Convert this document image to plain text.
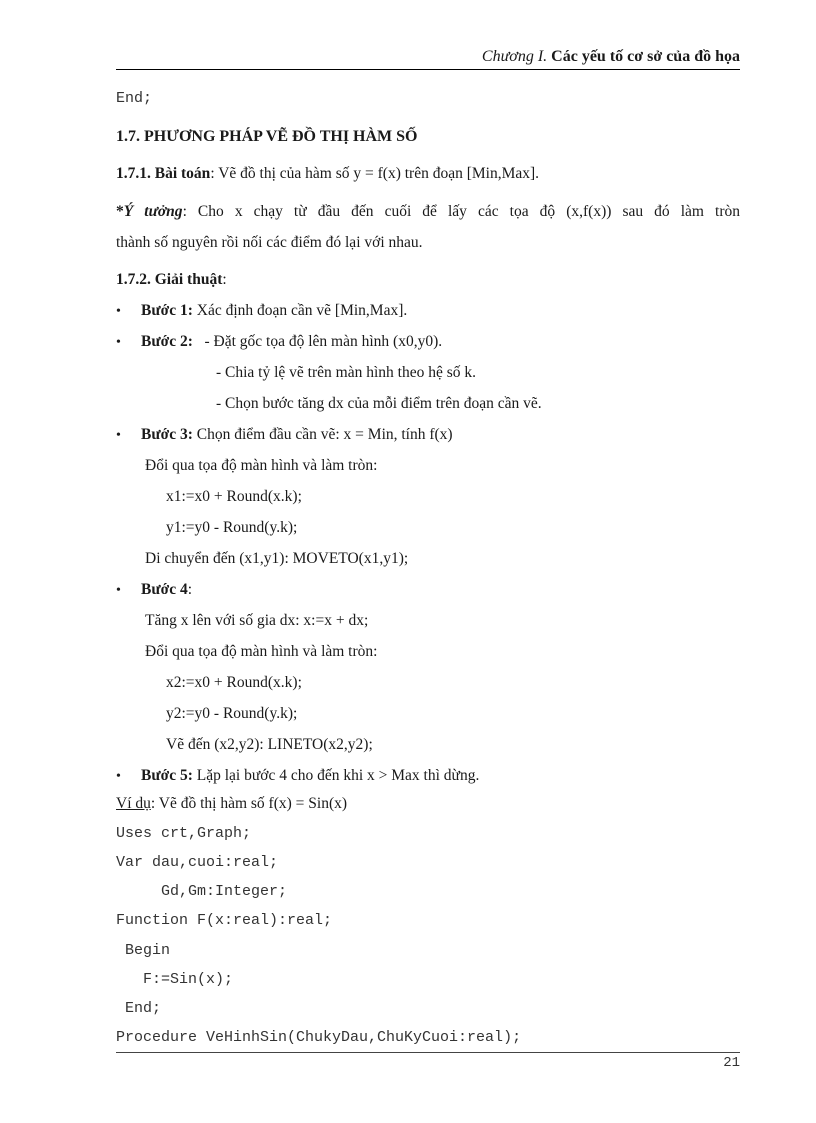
Chương I. Các yếu tố cơ sở của đồ họa
End;
1.7. PHƯƠNG PHÁP VẼ ĐỒ THỊ HÀM SỐ
1.7.1. Bài toán: Vẽ đồ thị của hàm số y = f(x) trên đoạn [Min,Max].
*Ý tưởng: Cho x chạy từ đầu đến cuối để lấy các tọa độ (x,f(x)) sau đó làm tròn
thành số nguyên rồi nối các điểm đó lại với nhau.
1.7.2. Giải thuật:
• Bước 1: Xác định đoạn cần vẽ [Min,Max].
• Bước 2:   - Đặt gốc tọa độ lên màn hình (x0,y0).
- Chia tỷ lệ vẽ trên màn hình theo hệ số k.
- Chọn bước tăng dx của mỗi điểm trên đoạn cần vẽ.
• Bước 3: Chọn điểm đầu cần vẽ: x = Min, tính f(x)
Đổi qua tọa độ màn hình và làm tròn:
x1:=x0 + Round(x.k);
y1:=y0 - Round(y.k);
Di chuyển đến (x1,y1): MOVETO(x1,y1);
• Bước 4:
Tăng x lên với số gia dx: x:=x + dx;
Đổi qua tọa độ màn hình và làm tròn:
x2:=x0 + Round(x.k);
y2:=y0 - Round(y.k);
Vẽ đến (x2,y2): LINETO(x2,y2);
• Bước 5: Lặp lại bước 4 cho đến khi x > Max thì dừng.
Ví dụ: Vẽ đồ thị hàm số f(x) = Sin(x)
Uses crt,Graph;
Var dau,cuoi:real;
Gd,Gm:Integer;
Function F(x:real):real;
Begin
F:=Sin(x);
End;
Procedure VeHinhSin(ChukyDau,ChuKyCuoi:real);
21
